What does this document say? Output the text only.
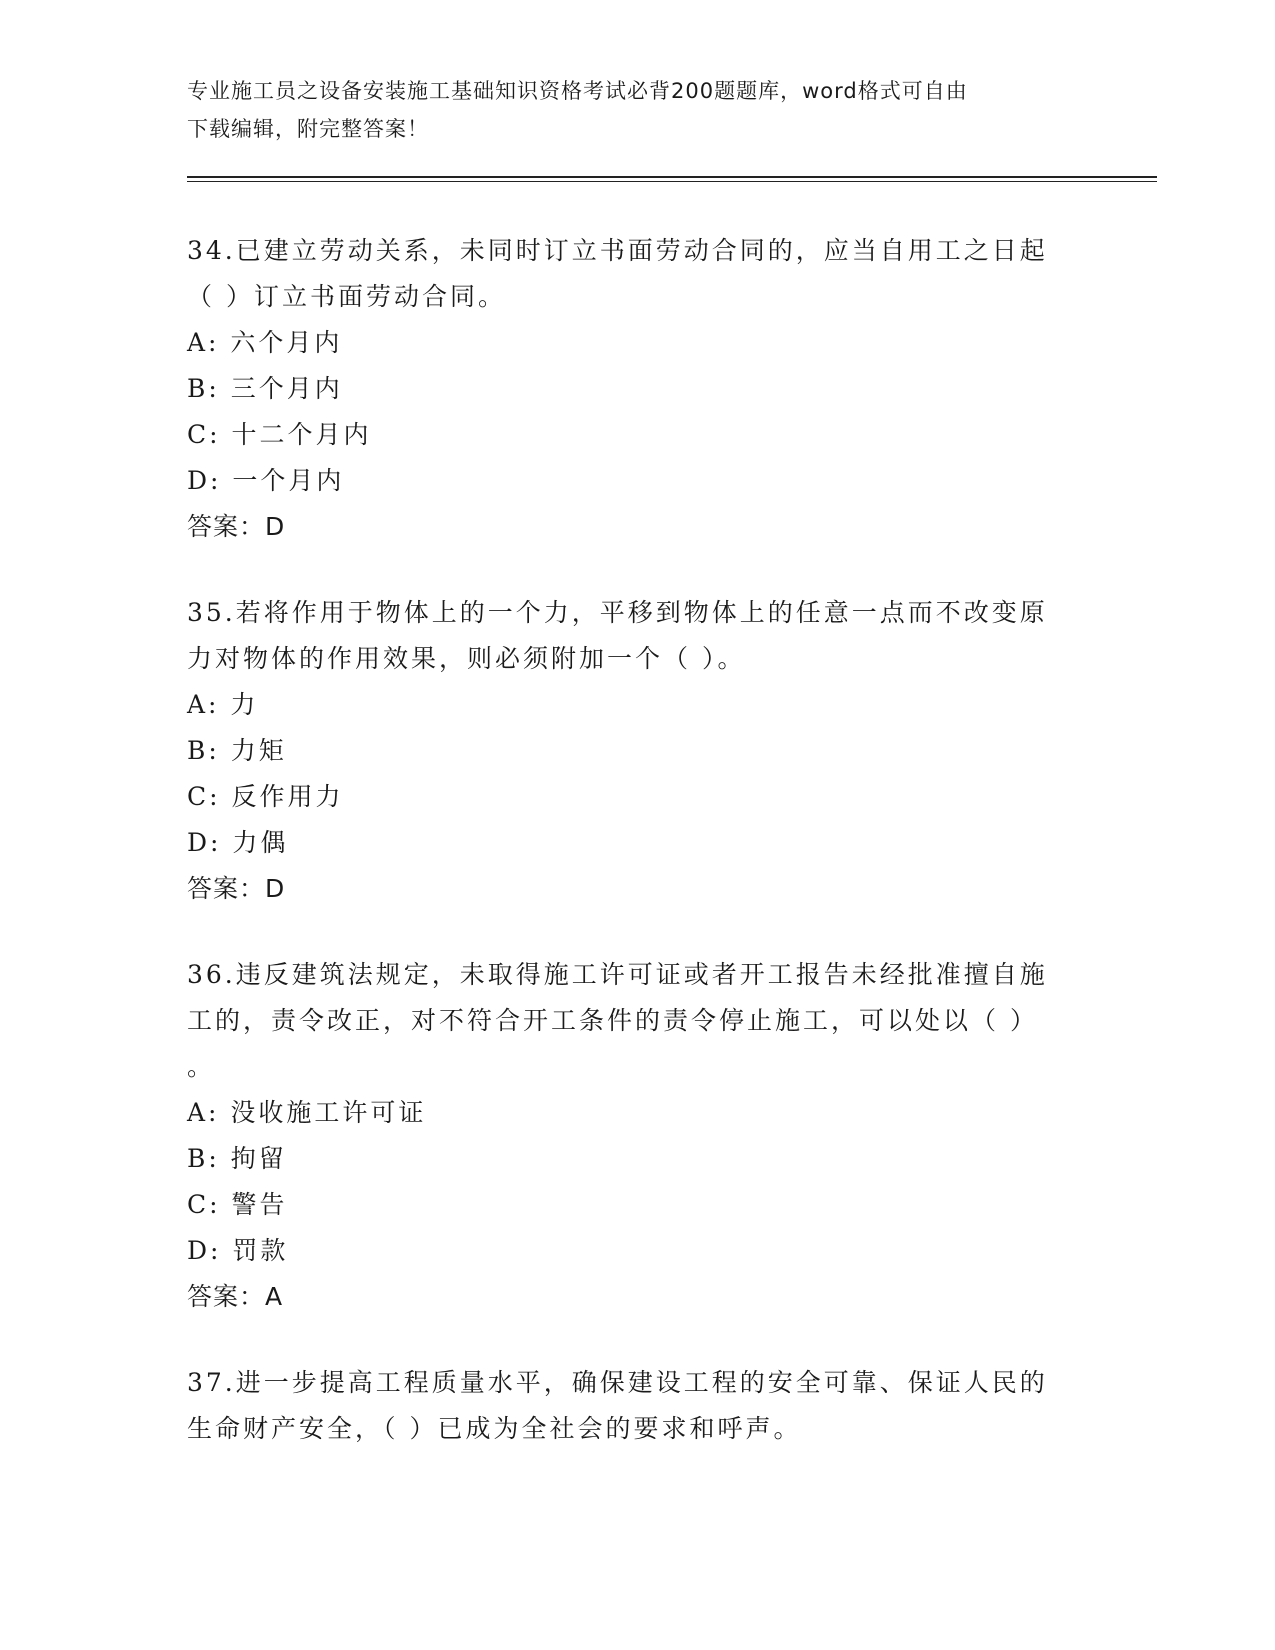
专业施工员之设备安装施工基础知识资格考试必背200题题库，word格式可自由
下载编辑，附完整答案！

34.已建立劳动关系，未同时订立书面劳动合同的，应当自用工之日起

（ ）订立书面劳动合同。

A: 六个月内

B: 三个月内

C: 十二个月内

D: 一个月内

答案：D

35.若将作用于物体上的一个力，平移到物体上的任意一点而不改变原

力对物体的作用效果，则必须附加一个（ ）。

A: 力

B: 力矩

C: 反作用力

D: 力偶

答案：D

36.违反建筑法规定，未取得施工许可证或者开工报告未经批准擅自施

工的，责令改正，对不符合开工条件的责令停止施工，可以处以（ ）

。

A: 没收施工许可证

B: 拘留

C: 警告

D: 罚款

答案：A

37.进一步提高工程质量水平，确保建设工程的安全可靠、保证人民的

生命财产安全，（ ）已成为全社会的要求和呼声。
